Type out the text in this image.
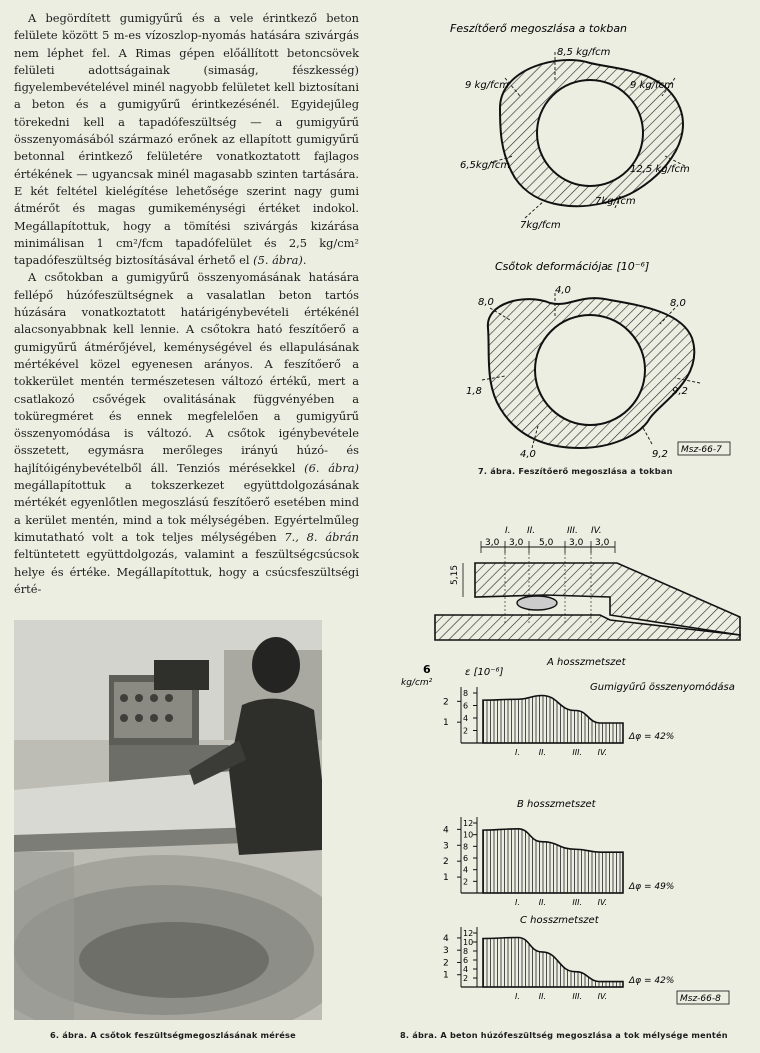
A begördített gumigyűrű és a vele érintkező beton felülete között 5 m-es vízoszlop-nyomás hatására szivárgás nem léphet fel. A Rimas gépen előállított betoncsövek felületi adottságainak (simaság, fészkesség) figyelembevételével minél nagyobb felületet kell biztosítani a beton és a gumigyűrű érintkezésénél. Egyidejűleg törekedni kell a tapadófeszültség — a gumigyűrű összenyomásából származó erőnek az ellapított gumigyűrű betonnal érintkező felületére vonatkoztatott fajlagos értékének — ugyancsak minél magasabb szinten tartására. E két feltétel kielégítése lehetősége szerint nagy gumi átmérőt és magas gumikeménységi értéket indokol. Megállapítottuk, hogy a tömítési szivárgás kizárása minimálisan 1 cm²/fcm tapadófelület és 2,5 kg/cm² tapadófeszültség biztosításával érhető el (5. ábra).

A csőtokban a gumigyűrű összenyomásának hatására fellépő húzófeszültségnek a vasalatlan beton tartós húzására vonatkoztatott határigénybevételi értékénél alacsonyabbnak kell lennie. A csőtokra ható feszítőerő a gumigyűrű átmérőjével, keménységével és ellapulásának mértékével közel egyenesen arányos. A feszítőerő a tokkerület mentén természetesen változó értékű, mert a csatlakozó csővégek ovalitásának függvényében a toküregméret és ennek megfelelően a gumigyűrű összenyomódása is változó. A csőtok igénybevétele összetett, egymásra merőleges irányú húzó- és hajlítóigénybevételből áll. Tenziós mérésekkel (6. ábra) megállapítottuk a tokszerkezet együttdolgozásának mértékét egyenlőtlen megoszlású feszítőerő esetében mind a kerület mentén, mind a tok mélységében. Egyértelműleg kimutatható volt a tok teljes mélységében 7., 8. ábrán feltüntetett együttdolgozás, valamint a feszültségcsúcsok helye és értéke. Megállapítottuk, hogy a csúcsfeszültségi érté-

6. ábra. A csőtok feszültségmegoszlásának mérése
Feszítőerő megoszlása a tokban
8,5 kg/fcm
9 kg/fcm	9 kg/fcm
6,5kg/fcm	12,5 kg/fcm
7kg/fcm
7kg/fcm
Csőtok deformációja
ε [10⁻⁶]
4,0
8,0	8,0
1,8	9,2
4,0	9,2 Msz-66-7
7. ábra. Feszítőerő megoszlása a tokban
I. II.	III. IV.
3,0 3,0 5,0 3,0 3,0
5,15
A hosszmetszet
Gumigyűrű összenyomódása
6
kg/cm²
ε [10⁻⁶]
1
2
2
4
6
8
I. II.	III. IV.
Δφ = 42%
B hosszmetszet
1
2
3
4
2
4
6
8
10
12
I. II.	III. IV.
Δφ = 49%
C hosszmetszet
1
2
3
4
2
4
6
8
10
12
I. II.	III. IV.
Δφ = 42%
Msz-66-8
8. ábra. A beton húzófeszültség megoszlása a tok mélysége mentén
